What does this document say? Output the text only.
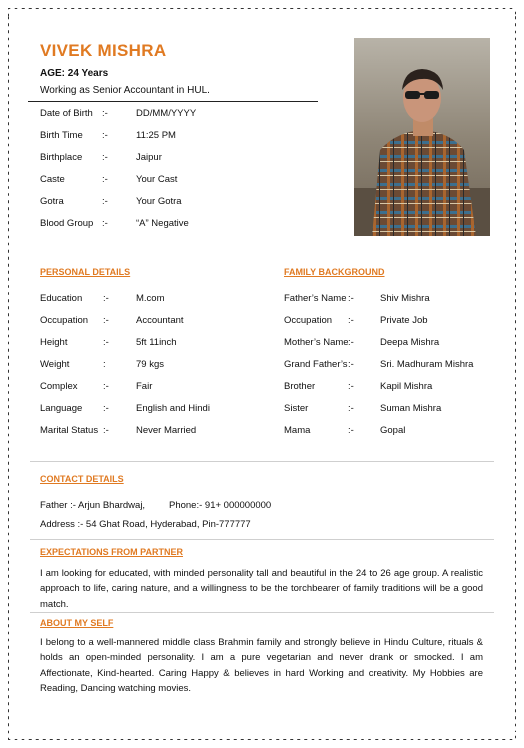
VIVEK MISHRA
AGE: 24 Years
Working as Senior Accountant in HUL.
Date of Birth :-	DD/MM/YYYY
Birth Time :-	11:25 PM
Birthplace :-	Jaipur
Caste	:-	Your Cast
Gotra	:-	Your Gotra
Blood Group :-	“A” Negative
PERSONAL DETAILS
Education :-	M.com
Occupation :-	Accountant
Height	:-	5ft 11inch
Weight	:	79 kgs
Complex	:-	Fair
Language :-	English and Hindi
Marital Status :-	Never Married
FAMILY BACKGROUND
Father’s Name :-	Shiv Mishra
Occupation :-	Private Job
Mother’s Name :-	Deepa Mishra
Grand Father’s :-	Sri. Madhuram Mishra
Brother	:-	Kapil Mishra
Sister	:-	Suman Mishra
Mama	:-	Gopal
CONTACT DETAILS
Father :- Arjun Bhardwaj,	Phone:- 91+ 000000000
Address :- 54 Ghat Road, Hyderabad, Pin-777777
EXPECTATIONS FROM PARTNER
I am looking for educated, with minded personality tall and beautiful in the 24 to 26 age group. A realistic approach to life, caring nature, and a willingness to be the torchbearer of family traditions will be a good match.
ABOUT MY SELF
I belong to a well-mannered middle class Brahmin family and strongly believe in Hindu Culture, rituals & holds an open-minded personality. I am a pure vegetarian and never drank or smocked. I am Affectionate, Kind-hearted. Caring Happy & believes in hard Working and creativity. My Hobbies are Reading, Dancing watching movies.
